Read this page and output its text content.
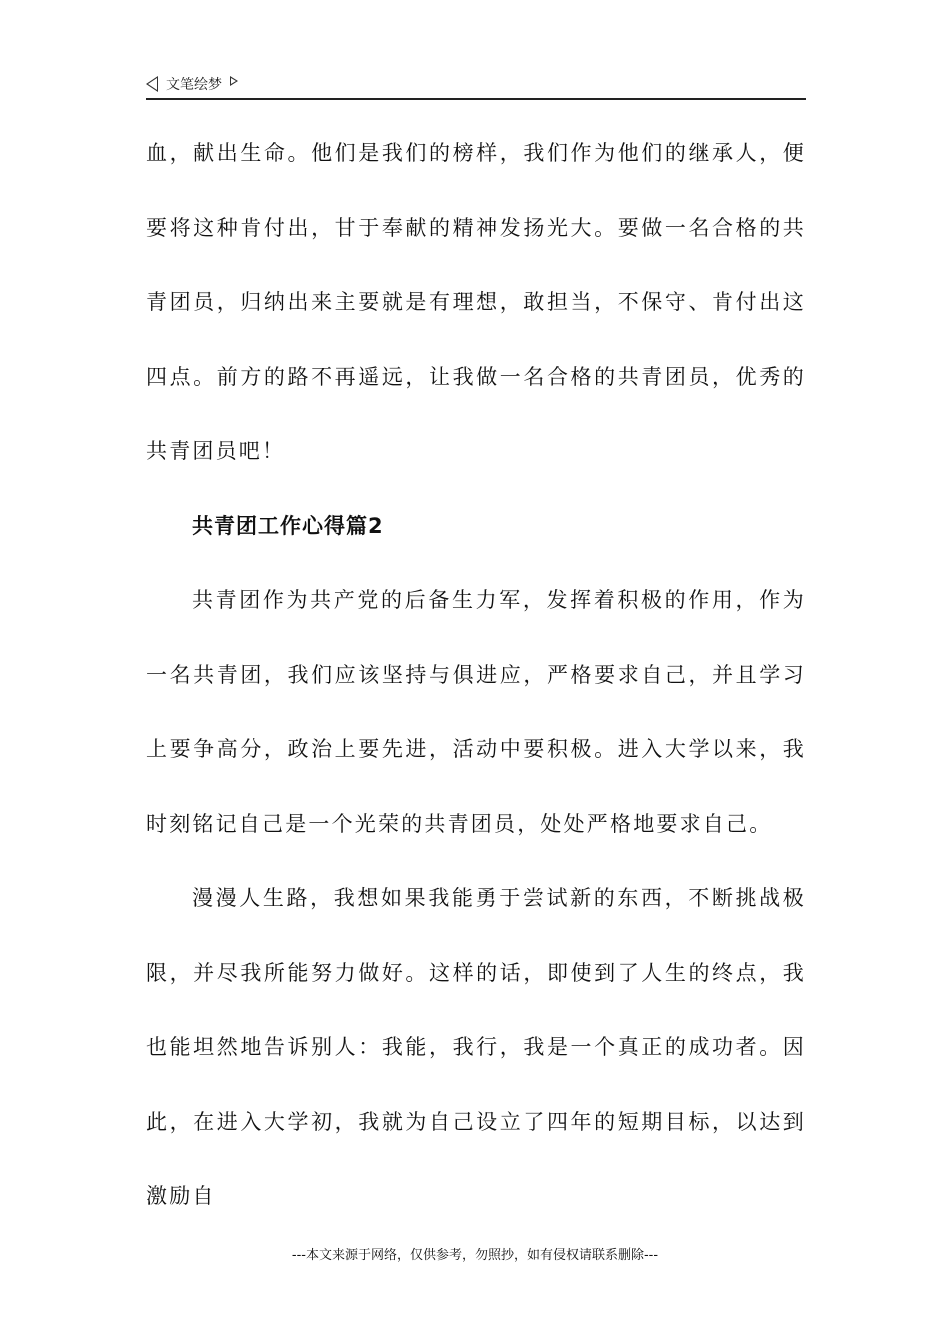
文笔绘梦

血，献出生命。他们是我们的榜样，我们作为他们的继承人，便要将这种肯付出，甘于奉献的精神发扬光大。要做一名合格的共青团员，归纳出来主要就是有理想，敢担当，不保守、肯付出这四点。前方的路不再遥远，让我做一名合格的共青团员，优秀的共青团员吧！

共青团工作心得篇2

共青团作为共产党的后备生力军，发挥着积极的作用，作为一名共青团，我们应该坚持与俱进应，严格要求自己，并且学习上要争高分，政治上要先进，活动中要积极。进入大学以来，我时刻铭记自己是一个光荣的共青团员，处处严格地要求自己。

漫漫人生路，我想如果我能勇于尝试新的东西，不断挑战极限，并尽我所能努力做好。这样的话，即使到了人生的终点，我也能坦然地告诉别人：我能，我行，我是一个真正的成功者。因此，在进入大学初，我就为自己设立了四年的短期目标，以达到激励自

---本文来源于网络，仅供参考，勿照抄，如有侵权请联系删除---
